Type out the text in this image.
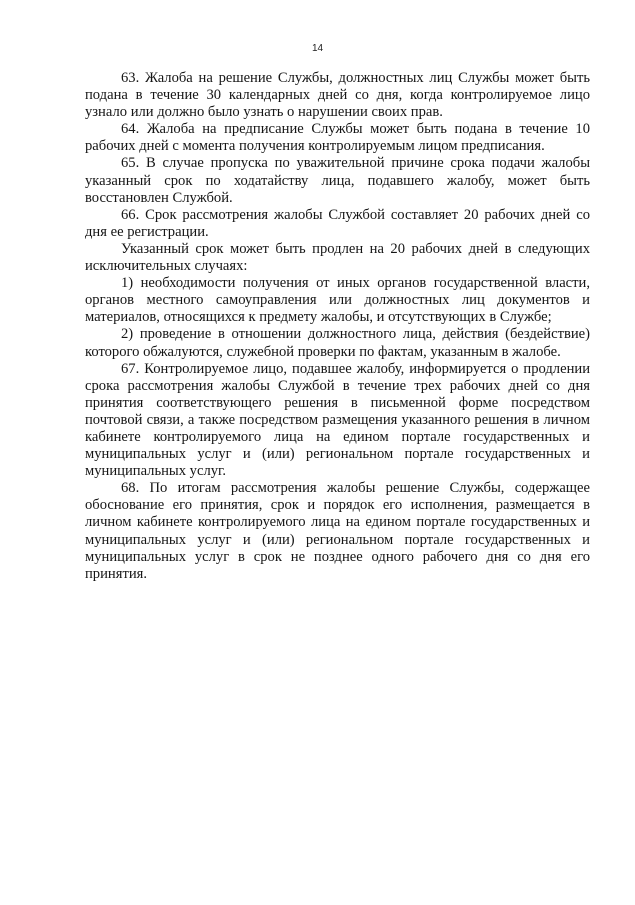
14

63. Жалоба на решение Службы, должностных лиц Службы может быть подана в течение 30 календарных дней со дня, когда контролируемое лицо узнало или должно было узнать о нарушении своих прав.

64. Жалоба на предписание Службы может быть подана в течение 10 рабочих дней с момента получения контролируемым лицом предписания.

65. В случае пропуска по уважительной причине срока подачи жалобы указанный срок по ходатайству лица, подавшего жалобу, может быть восстановлен Службой.

66. Срок рассмотрения жалобы Службой составляет 20 рабочих дней со дня ее регистрации.

Указанный срок может быть продлен на 20 рабочих дней в следующих исключительных случаях:

1) необходимости получения от иных органов государственной власти, органов местного самоуправления или должностных лиц документов и материалов, относящихся к предмету жалобы, и отсутствующих в Службе;

2) проведение в отношении должностного лица, действия (бездействие) которого обжалуются, служебной проверки по фактам, указанным в жалобе.

67. Контролируемое лицо, подавшее жалобу, информируется о продлении срока рассмотрения жалобы Службой в течение трех рабочих дней со дня принятия соответствующего решения в письменной форме посредством почтовой связи, а также посредством размещения указанного решения в личном кабинете контролируемого лица на едином портале государственных и муниципальных услуг и (или) региональном портале государственных и муниципальных услуг.

68. По итогам рассмотрения жалобы решение Службы, содержащее обоснование его принятия, срок и порядок его исполнения, размещается в личном кабинете контролируемого лица на едином портале государственных и муниципальных услуг и (или) региональном портале государственных и муниципальных услуг в срок не позднее одного рабочего дня со дня его принятия.
